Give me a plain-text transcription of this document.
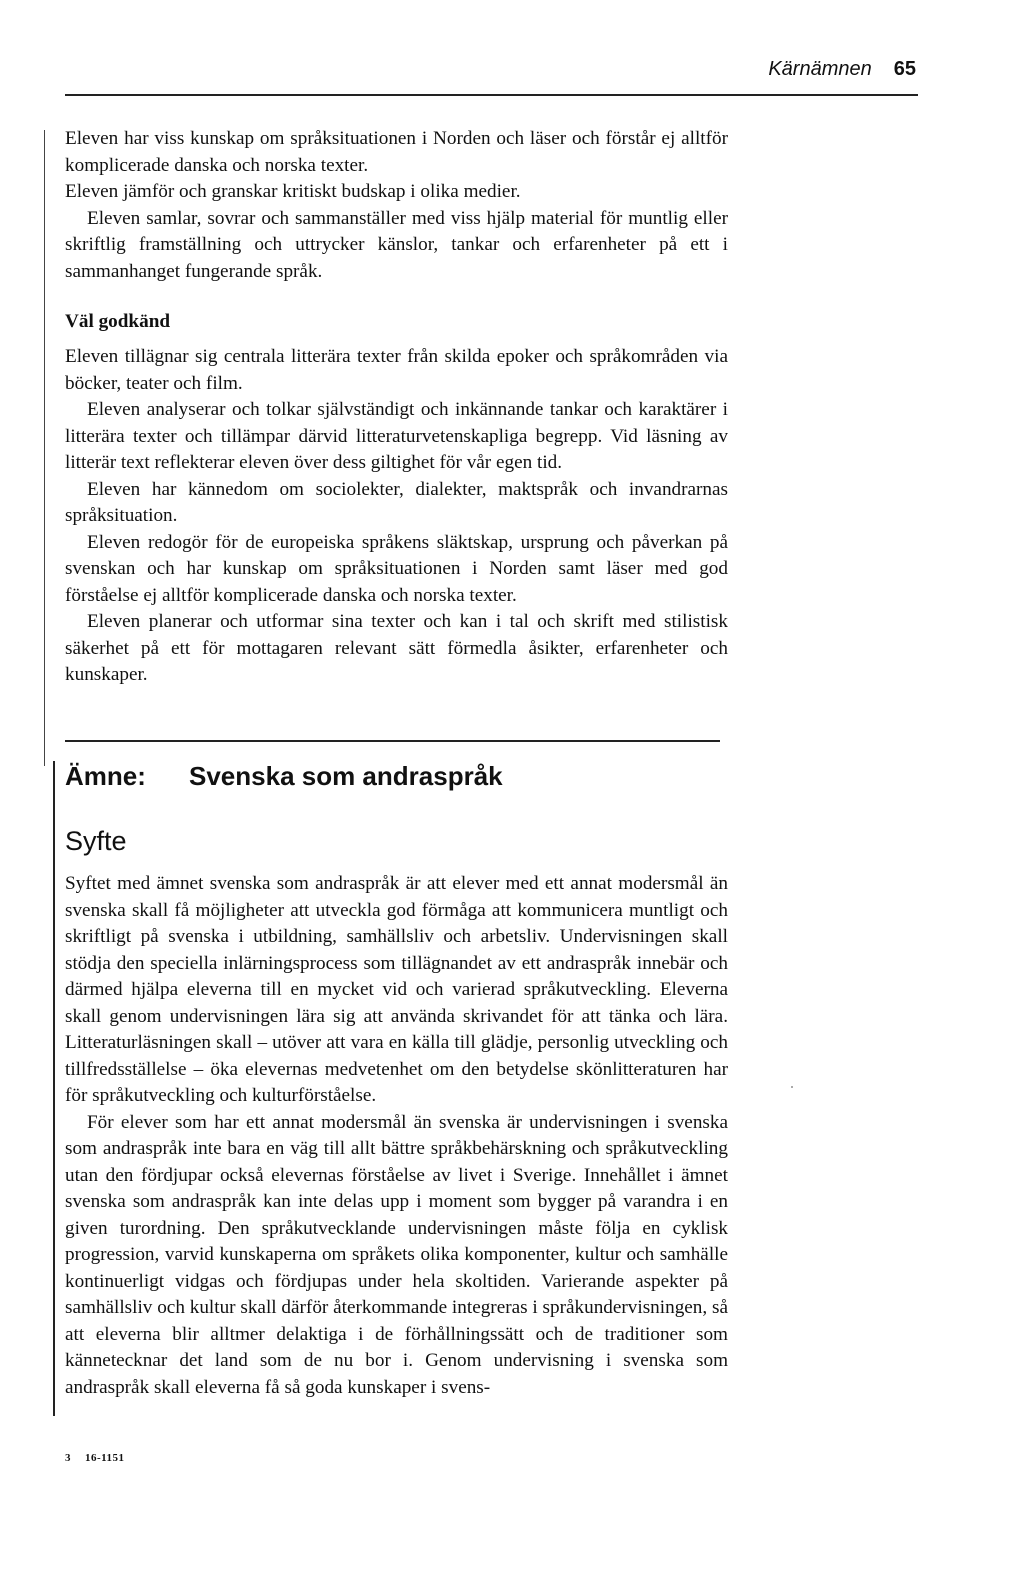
Kärnämnen 65

Eleven har viss kunskap om språksituationen i Norden och läser och förstår ej alltför komplicerade danska och norska texter.

Eleven jämför och granskar kritiskt budskap i olika medier.

Eleven samlar, sovrar och sammanställer med viss hjälp material för muntlig eller skriftlig framställning och uttrycker känslor, tankar och erfarenheter på ett i sammanhanget fungerande språk.

Väl godkänd

Eleven tillägnar sig centrala litterära texter från skilda epoker och språkområden via böcker, teater och film.

Eleven analyserar och tolkar självständigt och inkännande tankar och karaktärer i litterära texter och tillämpar därvid litteraturvetenskapliga begrepp. Vid läsning av litterär text reflekterar eleven över dess giltighet för vår egen tid.

Eleven har kännedom om sociolekter, dialekter, maktspråk och invandrarnas språksituation.

Eleven redogör för de europeiska språkens släktskap, ursprung och påverkan på svenskan och har kunskap om språksituationen i Norden samt läser med god förståelse ej alltför komplicerade danska och norska texter.

Eleven planerar och utformar sina texter och kan i tal och skrift med stilistisk säkerhet på ett för mottagaren relevant sätt förmedla åsikter, erfarenheter och kunskaper.

Ämne: Svenska som andraspråk
Syfte

Syftet med ämnet svenska som andraspråk är att elever med ett annat modersmål än svenska skall få möjligheter att utveckla god förmåga att kommunicera muntligt och skriftligt på svenska i utbildning, samhällsliv och arbetsliv. Undervisningen skall stödja den speciella inlärningsprocess som tillägnandet av ett andraspråk innebär och därmed hjälpa eleverna till en mycket vid och varierad språkutveckling. Eleverna skall genom undervisningen lära sig att använda skrivandet för att tänka och lära. Litteraturläsningen skall – utöver att vara en källa till glädje, personlig utveckling och tillfredsställelse – öka elevernas medvetenhet om den betydelse skönlitteraturen har för språkutveckling och kulturförståelse.

För elever som har ett annat modersmål än svenska är undervisningen i svenska som andraspråk inte bara en väg till allt bättre språkbehärskning och språkutveckling utan den fördjupar också elevernas förståelse av livet i Sverige. Innehållet i ämnet svenska som andraspråk kan inte delas upp i moment som bygger på varandra i en given turordning. Den språkutvecklande undervisningen måste följa en cyklisk progression, varvid kunskaperna om språkets olika komponenter, kultur och samhälle kontinuerligt vidgas och fördjupas under hela skoltiden. Varierande aspekter på samhällsliv och kultur skall därför återkommande integreras i språkundervisningen, så att eleverna blir alltmer delaktiga i de förhållningssätt och de traditioner som kännetecknar det land som de nu bor i. Genom undervisning i svenska som andraspråk skall eleverna få så goda kunskaper i svens-

3 16-1151
